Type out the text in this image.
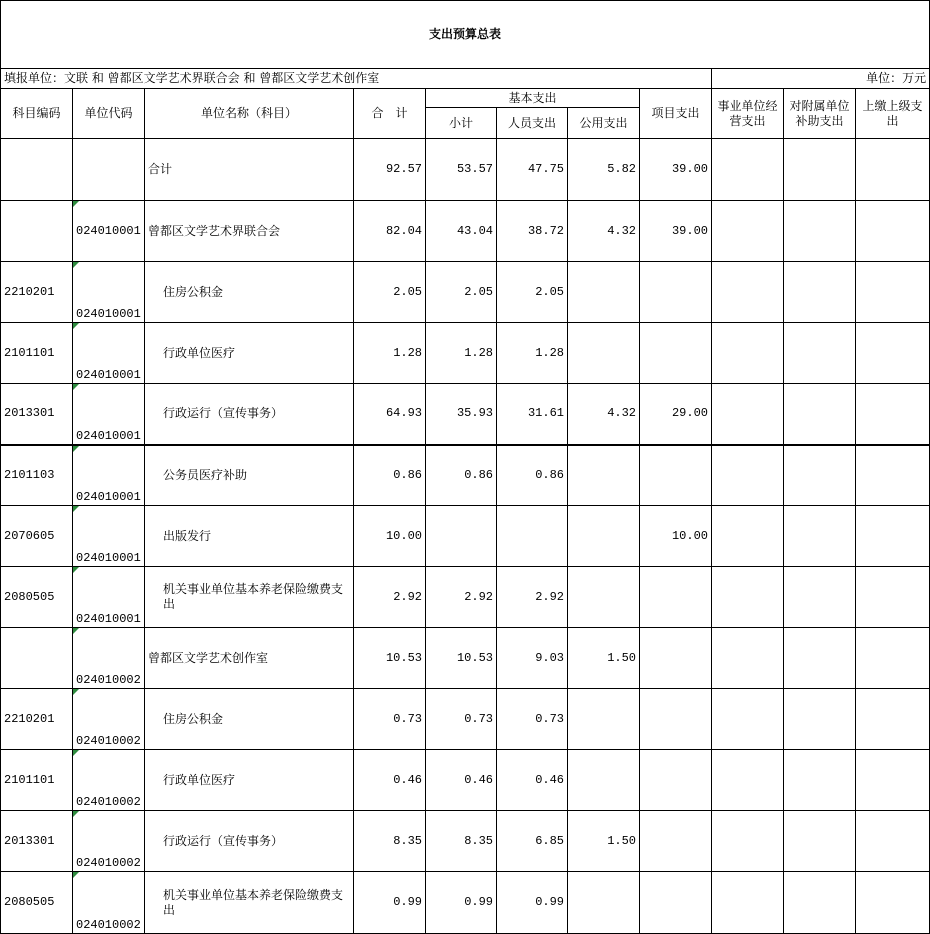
支出预算总表										
填报单位：文联 和 曾都区文学艺术界联合会 和 曾都区文学艺术创作室								单位：万元		
科目编码	单位代码	单位名称（科目）	合　计	基本支出			项目支出	事业单位经营支出	对附属单位补助支出	上缴上级支出
				小计	人员支出	公用支出				
		合计	92.57	53.57	47.75	5.82	39.00			
	024010001	曾都区文学艺术界联合会	82.04	43.04	38.72	4.32	39.00			
2210201	024010001	住房公积金	2.05	2.05	2.05					
2101101	024010001	行政单位医疗	1.28	1.28	1.28					
2013301	024010001	行政运行（宣传事务）	64.93	35.93	31.61	4.32	29.00			
2101103	024010001	公务员医疗补助	0.86	0.86	0.86					
2070605	024010001	出版发行	10.00				10.00			
2080505	024010001	机关事业单位基本养老保险缴费支出	2.92	2.92	2.92					
	024010002	曾都区文学艺术创作室	10.53	10.53	9.03	1.50				
2210201	024010002	住房公积金	0.73	0.73	0.73					
2101101	024010002	行政单位医疗	0.46	0.46	0.46					
2013301	024010002	行政运行（宣传事务）	8.35	8.35	6.85	1.50				
2080505	024010002	机关事业单位基本养老保险缴费支出	0.99	0.99	0.99					
